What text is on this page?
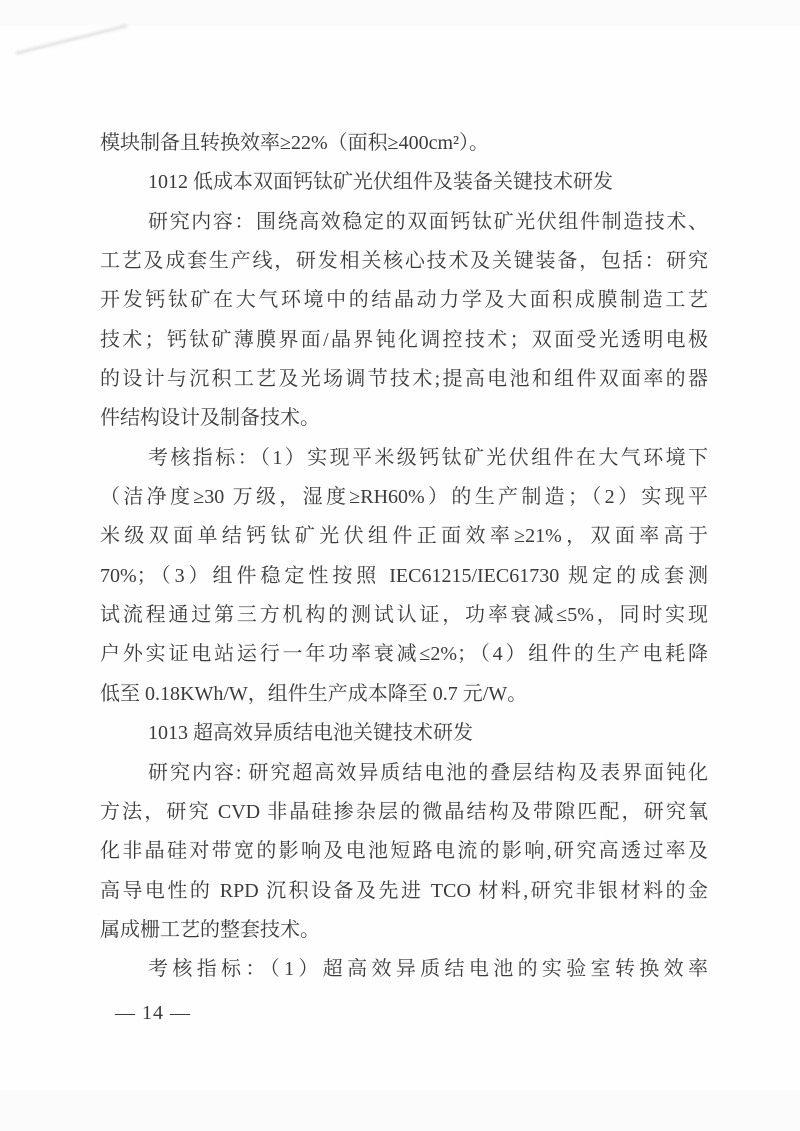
模块制备且转换效率≥22%（面积≥400cm²）。
1012 低成本双面钙钛矿光伏组件及装备关键技术研发
研究内容：围绕高效稳定的双面钙钛矿光伏组件制造技术、
工艺及成套生产线，研发相关核心技术及关键装备，包括：研究
开发钙钛矿在大气环境中的结晶动力学及大面积成膜制造工艺
技术；钙钛矿薄膜界面/晶界钝化调控技术；双面受光透明电极
的设计与沉积工艺及光场调节技术;提高电池和组件双面率的器
件结构设计及制备技术。
考核指标：（1）实现平米级钙钛矿光伏组件在大气环境下
（洁净度≥30 万级，湿度≥RH60%）的生产制造；（2）实现平
米级双面单结钙钛矿光伏组件正面效率≥21%，双面率高于
70%；（3）组件稳定性按照 IEC61215/IEC61730 规定的成套测
试流程通过第三方机构的测试认证，功率衰减≤5%，同时实现
户外实证电站运行一年功率衰减≤2%；（4）组件的生产电耗降
低至 0.18KWh/W，组件生产成本降至 0.7 元/W。
1013 超高效异质结电池关键技术研发
研究内容: 研究超高效异质结电池的叠层结构及表界面钝化
方法，研究 CVD 非晶硅掺杂层的微晶结构及带隙匹配，研究氧
化非晶硅对带宽的影响及电池短路电流的影响,研究高透过率及
高导电性的 RPD 沉积设备及先进 TCO 材料,研究非银材料的金
属成栅工艺的整套技术。
考核指标：（1）超高效异质结电池的实验室转换效率
— 14 —
